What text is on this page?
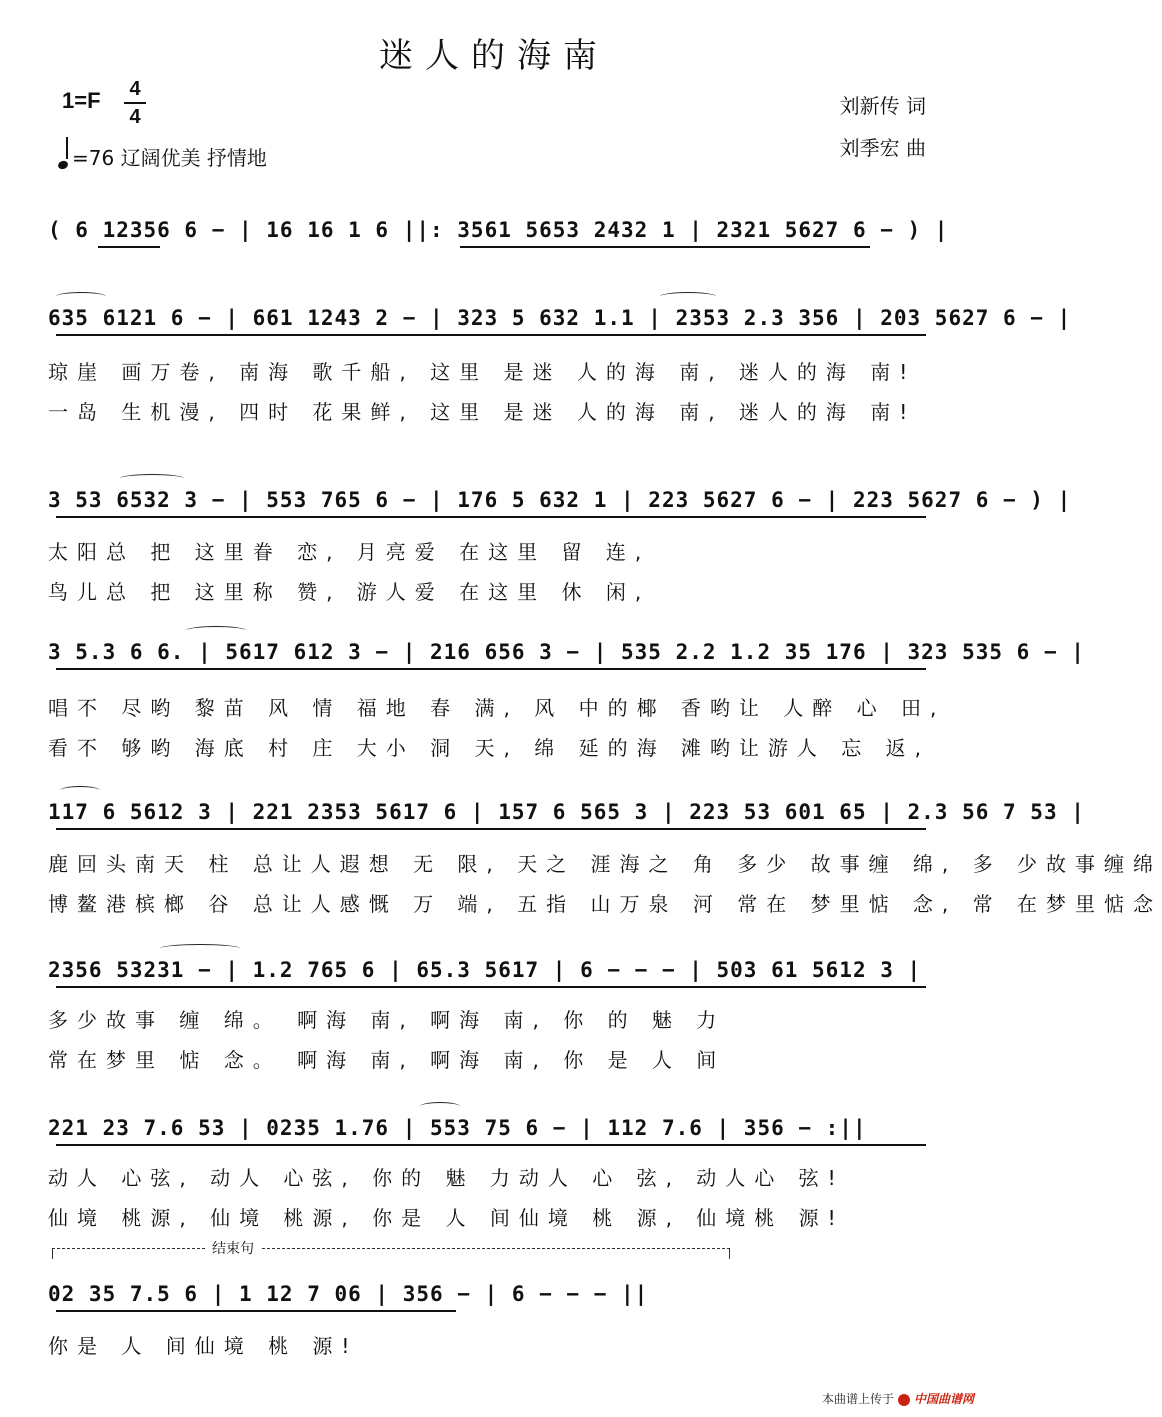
迷人的海南
1=F	4
4
=76 辽阔优美 抒情地
刘新传 词
刘季宏 曲
( 6 12356 6 − | 16 16 1 6 ||: 3561 5653 2432 1 | 2321 5627 6 − ) |
635 6121 6 − | 661 1243 2 − | 323 5 632 1.1 | 2353 2.3 356 | 203 5627 6 − |
琼崖 画万卷, 南海 歌千船, 这里 是迷 人的海 南, 迷人的海 南!
一岛 生机漫, 四时 花果鲜, 这里 是迷 人的海 南, 迷人的海 南!
3 53 6532 3 − | 553 765 6 − | 176 5 632 1 | 223 5627 6 − | 223 5627 6 − ) |
太阳总 把 这里眷 恋, 月亮爱 在这里 留 连,
鸟儿总 把 这里称 赞, 游人爱 在这里 休 闲,
3 5.3 6 6. | 5617 612 3 − | 216 656 3 − | 535 2.2 1.2 35 176 | 323 535 6 − |
唱不 尽哟 黎苗 风 情 福地 春 满, 风 中的椰 香哟让 人醉 心 田,
看不 够哟 海底 村 庄 大小 洞 天, 绵 延的海 滩哟让游人 忘 返,
117 6 5612 3 | 221 2353 5617 6 | 157 6 565 3 | 223 53 601 65 | 2.3 56 7 53 |
鹿回头南天 柱 总让人遐想 无 限, 天之 涯海之 角 多少 故事缠 绵, 多 少故事缠绵
博鳌港槟榔 谷 总让人感慨 万 端, 五指 山万泉 河 常在 梦里惦 念, 常 在梦里惦念
2356 53231 − | 1.2 765 6 | 65.3 5617 | 6 − − − | 503 61 5612 3 |
多少故事 缠 绵。 啊海 南, 啊海 南, 你 的 魅 力
常在梦里 惦 念。 啊海 南, 啊海 南, 你 是 人 间
221 23 7.6 53 | 0235 1.76 | 553 75 6 − | 112 7.6 | 356 − :||
动人 心弦, 动人 心弦, 你的 魅 力动人 心 弦, 动人心 弦!
仙境 桃源, 仙境 桃源, 你是 人 间仙境 桃 源, 仙境桃 源!
结束句
02 35 7.5 6 | 1 12 7 06 | 356 − | 6 − − − ||
你是 人 间仙境 桃 源!
本曲谱上传于 中国曲谱网
